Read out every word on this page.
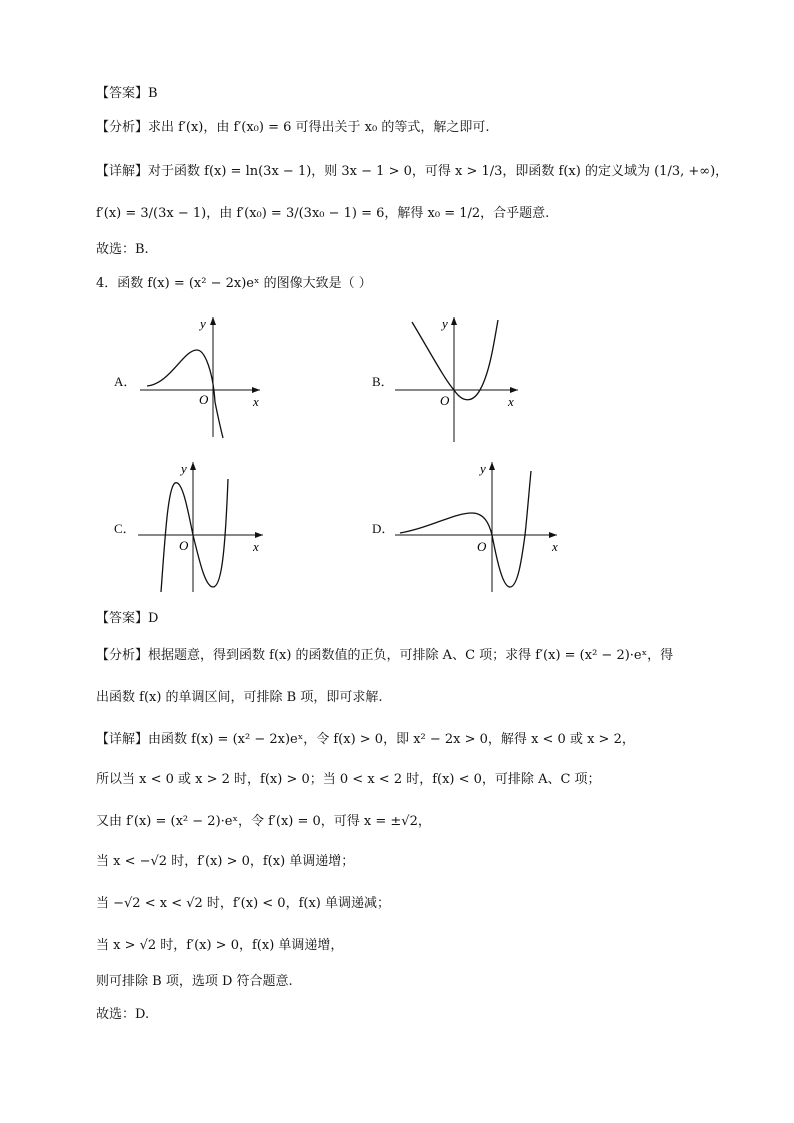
【答案】B
【分析】求出 f′(x)，由 f′(x₀) = 6 可得出关于 x₀ 的等式，解之即可.
【详解】对于函数 f(x) = ln(3x − 1)，则 3x − 1 > 0，可得 x > 1/3，即函数 f(x) 的定义域为 (1/3, +∞)，
f′(x) = 3/(3x − 1)，由 f′(x₀) = 3/(3x₀ − 1) = 6，解得 x₀ = 1/2，合乎题意.
故选：B.
4．函数 f(x) = (x² − 2x)eˣ 的图像大致是（ ）
A．
y
x
O
B．
y
x
O
C．
y
x
O
D．
y
x
O
【答案】D
【分析】根据题意，得到函数 f(x) 的函数值的正负，可排除 A、C 项；求得 f′(x) = (x² − 2)·eˣ，得
出函数 f(x) 的单调区间，可排除 B 项，即可求解.
【详解】由函数 f(x) = (x² − 2x)eˣ，令 f(x) > 0，即 x² − 2x > 0，解得 x < 0 或 x > 2，
所以当 x < 0 或 x > 2 时，f(x) > 0；当 0 < x < 2 时，f(x) < 0，可排除 A、C 项；
又由 f′(x) = (x² − 2)·eˣ，令 f′(x) = 0，可得 x = ±√2，
当 x < −√2 时，f′(x) > 0，f(x) 单调递增；
当 −√2 < x < √2 时，f′(x) < 0，f(x) 单调递减；
当 x > √2 时，f′(x) > 0，f(x) 单调递增，
则可排除 B 项，选项 D 符合题意.
故选：D.
